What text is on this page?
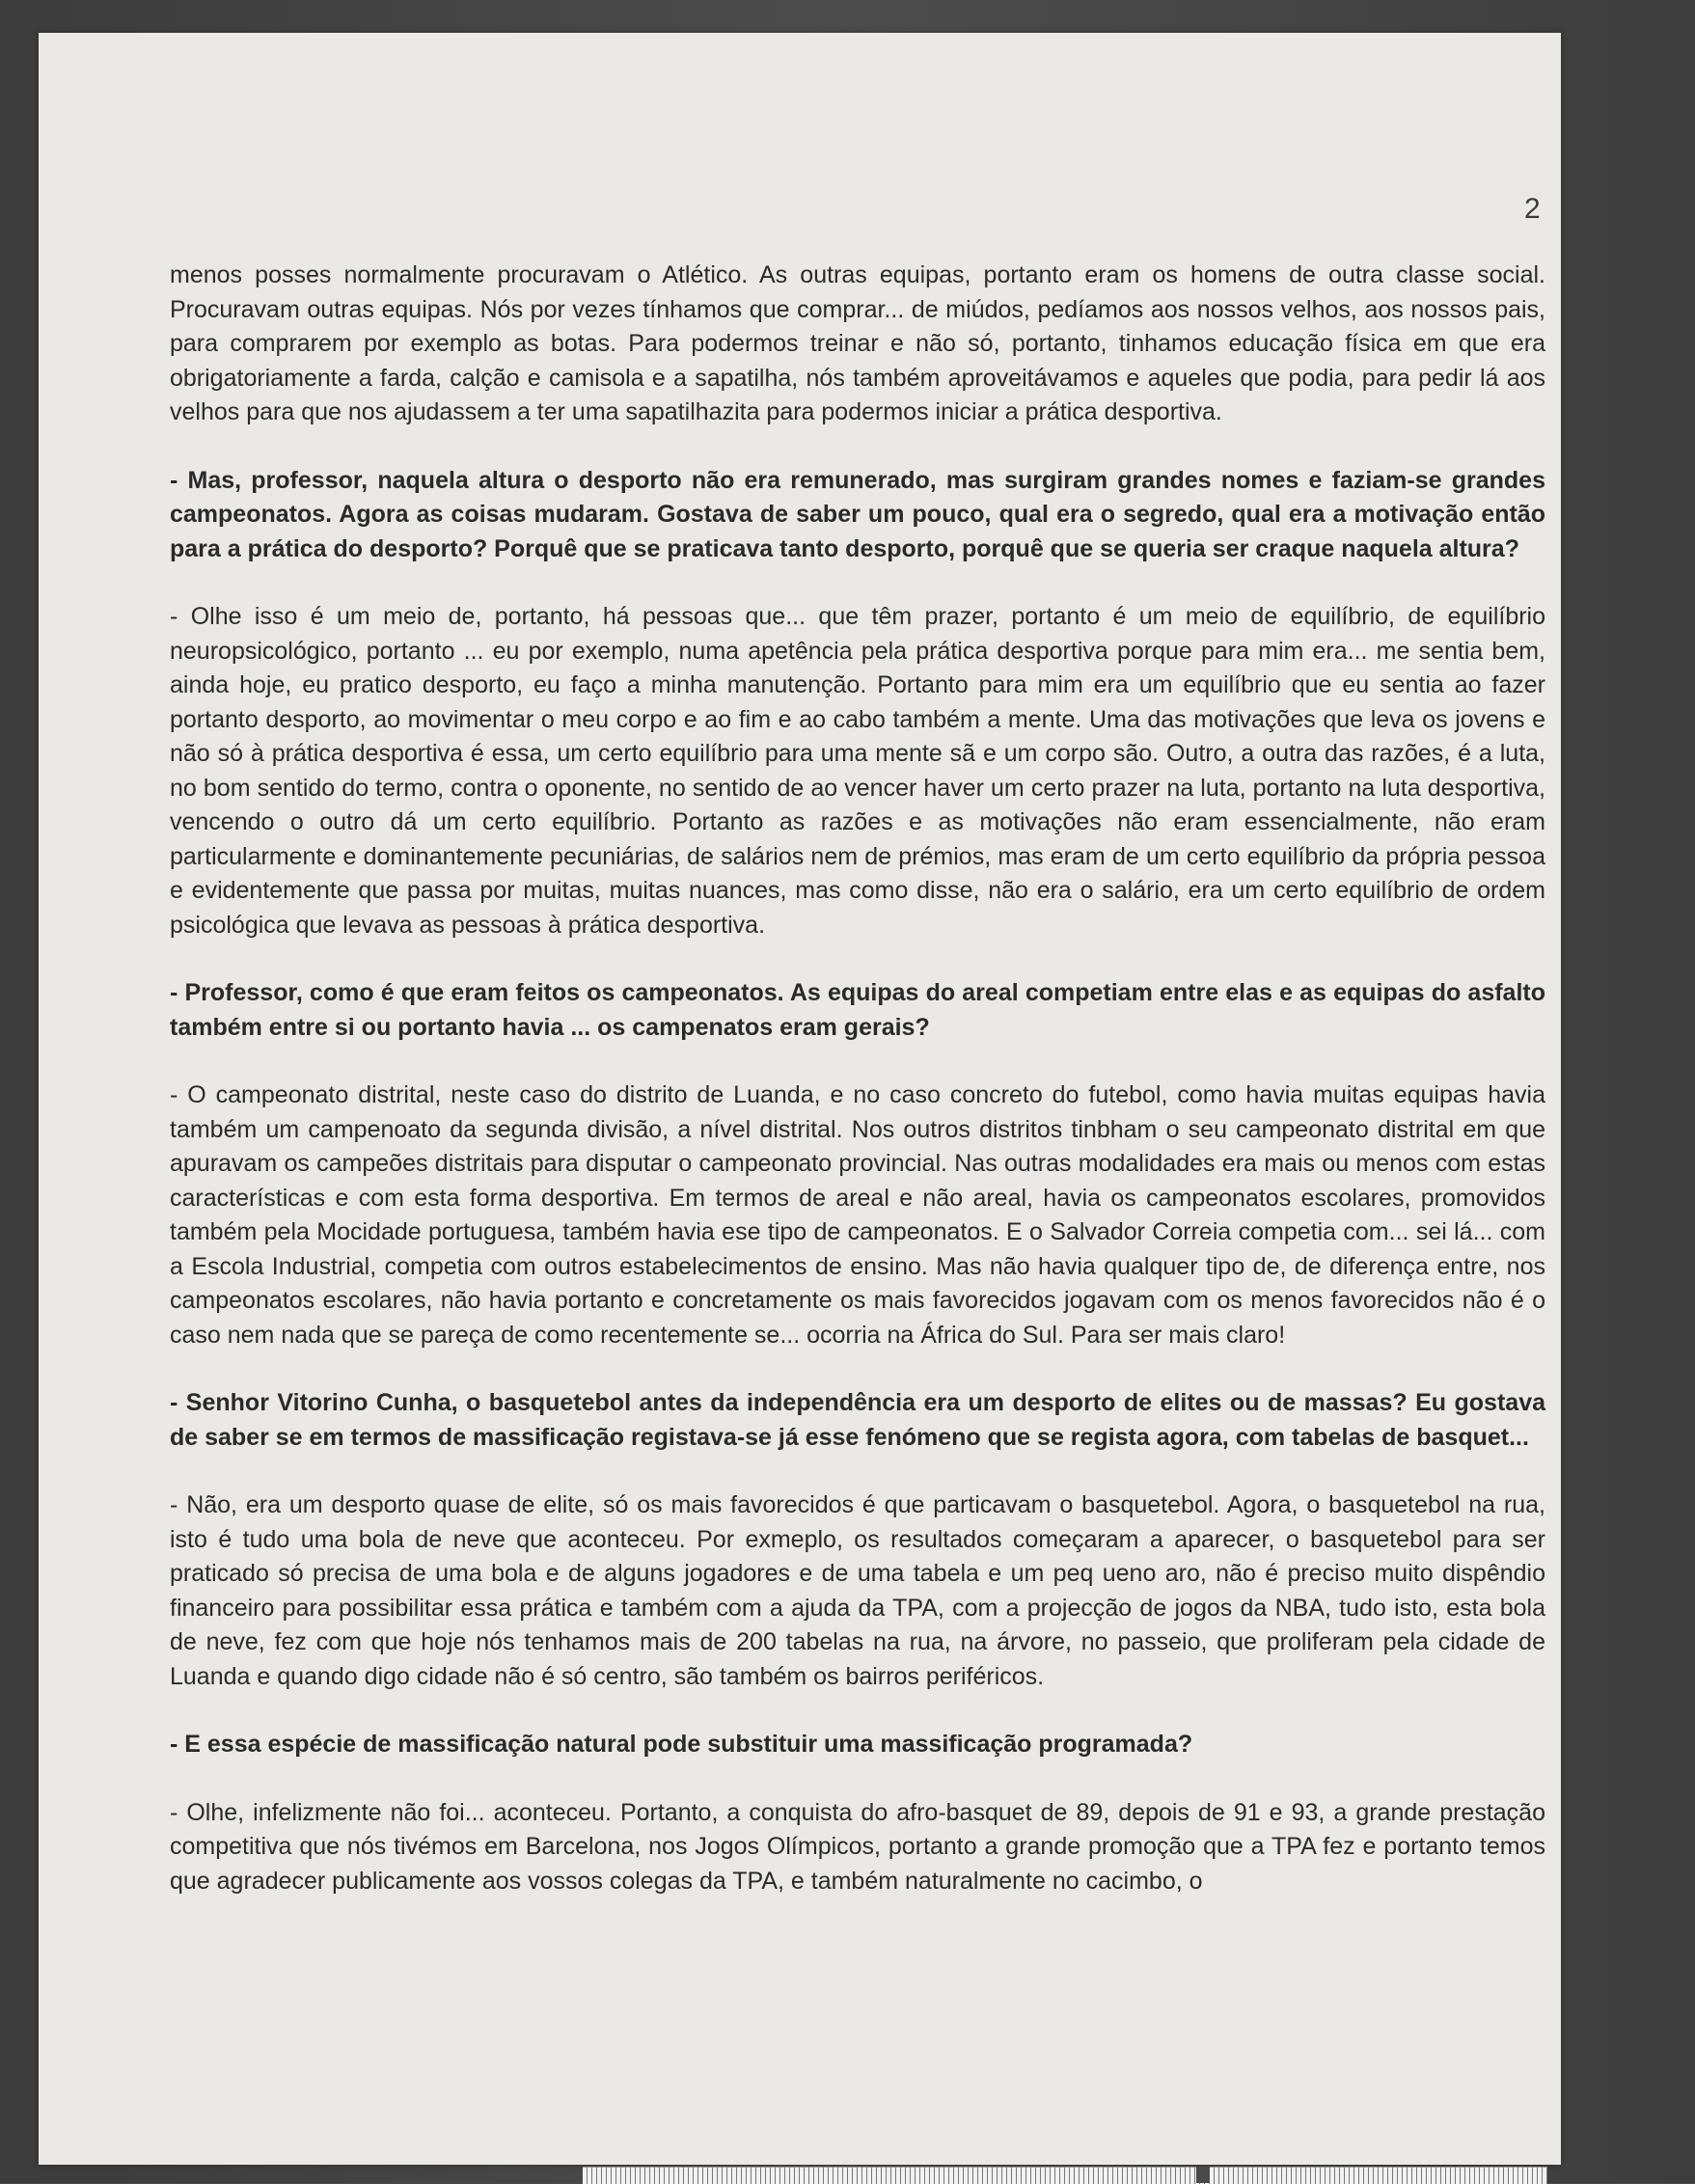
2

menos posses normalmente procuravam o Atlético. As outras equipas, portanto eram os homens de outra classe social. Procuravam outras equipas. Nós por vezes tínhamos que comprar... de miúdos, pedíamos aos nossos velhos, aos nossos pais, para comprarem por exemplo as botas. Para podermos treinar e não só, portanto, tinhamos educação física em que era obrigatoriamente a farda, calção e camisola e a sapatilha, nós também aproveitávamos e aqueles que podia, para pedir lá aos velhos para que nos ajudassem a ter uma sapatilhazita para podermos iniciar a prática desportiva.

- Mas, professor, naquela altura o desporto não era remunerado, mas surgiram grandes nomes e faziam-se grandes campeonatos. Agora as coisas mudaram. Gostava de saber um pouco, qual era o segredo, qual era a motivação então para a prática do desporto? Porquê que se praticava tanto desporto, porquê que se queria ser craque naquela altura?

- Olhe isso é um meio de, portanto, há pessoas que... que têm prazer, portanto é um meio de equilíbrio, de equilíbrio neuropsicológico, portanto ... eu por exemplo, numa apetência pela prática desportiva porque para mim era... me sentia bem, ainda hoje, eu pratico desporto, eu faço a minha manutenção. Portanto para mim era um equilíbrio que eu sentia ao fazer portanto desporto, ao movimentar o meu corpo e ao fim e ao cabo também a mente. Uma das motivações que leva os jovens e não só à prática desportiva é essa, um certo equilíbrio para uma mente sã e um corpo são. Outro, a outra das razões, é a luta, no bom sentido do termo, contra o oponente, no sentido de ao vencer haver um certo prazer na luta, portanto na luta desportiva, vencendo o outro dá um certo equilíbrio. Portanto as razões e as motivações não eram essencialmente, não eram particularmente e dominantemente pecuniárias, de salários nem de prémios, mas eram de um certo equilíbrio da própria pessoa e evidentemente que passa por muitas, muitas nuances, mas como disse, não era o salário, era um certo equilíbrio de ordem psicológica que levava as pessoas à prática desportiva.

- Professor, como é que eram feitos os campeonatos. As equipas do areal competiam entre elas e as equipas do asfalto também entre si ou portanto havia ... os campenatos eram gerais?

- O campeonato distrital, neste caso do distrito de Luanda, e no caso concreto do futebol, como havia muitas equipas havia também um campenoato da segunda divisão, a nível distrital. Nos outros distritos tinbham o seu campeonato distrital em que apuravam os campeões distritais para disputar o campeonato provincial. Nas outras modalidades era mais ou menos com estas características e com esta forma desportiva. Em termos de areal e não areal, havia os campeonatos escolares, promovidos também pela Mocidade portuguesa, também havia ese tipo de campeonatos. E o Salvador Correia competia com... sei lá... com a Escola Industrial, competia com outros estabelecimentos de ensino. Mas não havia qualquer tipo de, de diferença entre, nos campeonatos escolares, não havia portanto e concretamente os mais favorecidos jogavam com os menos favorecidos não é o caso nem nada que se pareça de como recentemente se... ocorria na África do Sul. Para ser mais claro!

- Senhor Vitorino Cunha, o basquetebol antes da independência era um desporto de elites ou de massas? Eu gostava de saber se em termos de massificação registava-se já esse fenómeno que se regista agora, com tabelas de basquet...

- Não, era um desporto quase de elite, só os mais favorecidos é que particavam o basquetebol. Agora, o basquetebol na rua, isto é tudo uma bola de neve que aconteceu. Por exmeplo, os resultados começaram a aparecer, o basquetebol para ser praticado só precisa de uma bola e de alguns jogadores e de uma tabela e um peq ueno aro, não é preciso muito dispêndio financeiro para possibilitar essa prática e também com a ajuda da TPA, com a projecção de jogos da NBA, tudo isto, esta bola de neve, fez com que hoje nós tenhamos mais de 200 tabelas na rua, na árvore, no passeio, que proliferam pela cidade de Luanda e quando digo cidade não é só centro, são também os bairros periféricos.

- E essa espécie de massificação natural pode substituir uma massificação programada?

- Olhe, infelizmente não foi... aconteceu. Portanto, a conquista do afro-basquet de 89, depois de 91 e 93, a grande prestação competitiva que nós tivémos em Barcelona, nos Jogos Olímpicos, portanto a grande promoção que a TPA fez e portanto temos que agradecer publicamente aos vossos colegas da TPA, e também naturalmente no cacimbo, o
